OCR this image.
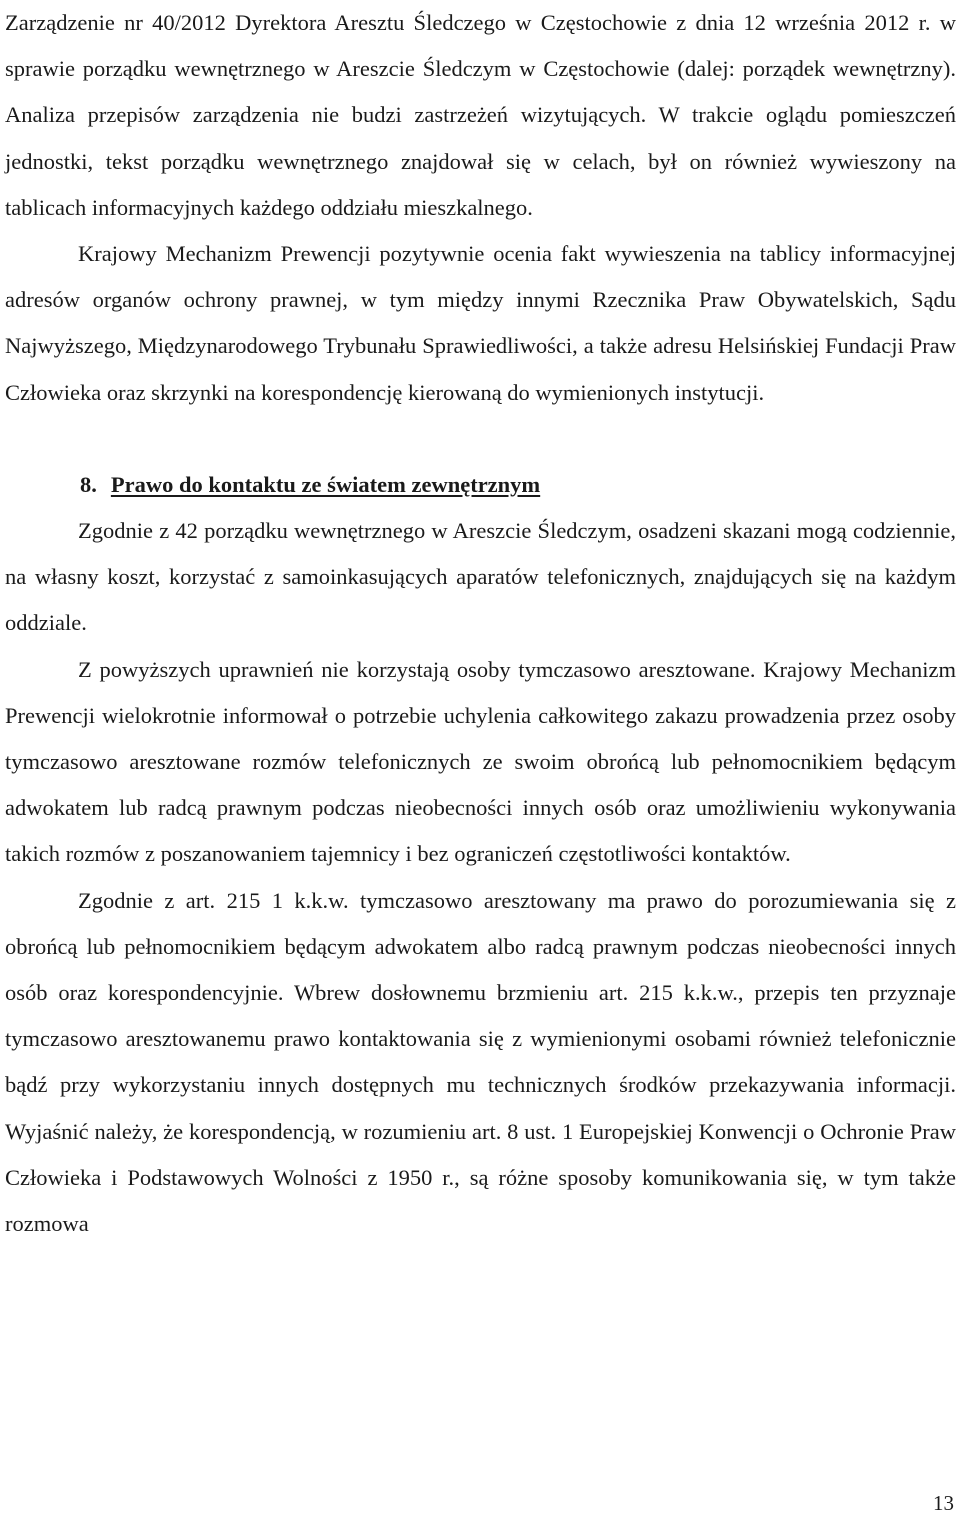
Zarządzenie nr 40/2012 Dyrektora Aresztu Śledczego w Częstochowie z dnia 12 września 2012 r. w sprawie porządku wewnętrznego w Areszcie Śledczym w Częstochowie (dalej: porządek wewnętrzny). Analiza przepisów zarządzenia nie budzi zastrzeżeń wizytujących. W trakcie oglądu pomieszczeń jednostki, tekst porządku wewnętrznego znajdował się w celach, był on również wywieszony na tablicach informacyjnych każdego oddziału mieszkalnego.

Krajowy Mechanizm Prewencji pozytywnie ocenia fakt wywieszenia na tablicy informacyjnej adresów organów ochrony prawnej, w tym między innymi Rzecznika Praw Obywatelskich, Sądu Najwyższego, Międzynarodowego Trybunału Sprawiedliwości, a także adresu Helsińskiej Fundacji Praw Człowieka oraz skrzynki na korespondencję kierowaną do wymienionych instytucji.

8. Prawo do kontaktu ze światem zewnętrznym

Zgodnie z 42 porządku wewnętrznego w Areszcie Śledczym, osadzeni skazani mogą codziennie, na własny koszt, korzystać z samoinkasujących aparatów telefonicznych, znajdujących się na każdym oddziale.

Z powyższych uprawnień nie korzystają osoby tymczasowo aresztowane. Krajowy Mechanizm Prewencji wielokrotnie informował o potrzebie uchylenia całkowitego zakazu prowadzenia przez osoby tymczasowo aresztowane rozmów telefonicznych ze swoim obrońcą lub pełnomocnikiem będącym adwokatem lub radcą prawnym podczas nieobecności innych osób oraz umożliwieniu wykonywania takich rozmów z poszanowaniem tajemnicy i bez ograniczeń częstotliwości kontaktów.

Zgodnie z art. 215 1 k.k.w. tymczasowo aresztowany ma prawo do porozumiewania się z obrońcą lub pełnomocnikiem będącym adwokatem albo radcą prawnym podczas nieobecności innych osób oraz korespondencyjnie. Wbrew dosłownemu brzmieniu art. 215 k.k.w., przepis ten przyznaje tymczasowo aresztowanemu prawo kontaktowania się z wymienionymi osobami również telefonicznie bądź przy wykorzystaniu innych dostępnych mu technicznych środków przekazywania informacji. Wyjaśnić należy, że korespondencją, w rozumieniu art. 8 ust. 1 Europejskiej Konwencji o Ochronie Praw Człowieka i Podstawowych Wolności z 1950 r., są różne sposoby komunikowania się, w tym także rozmowa

13
